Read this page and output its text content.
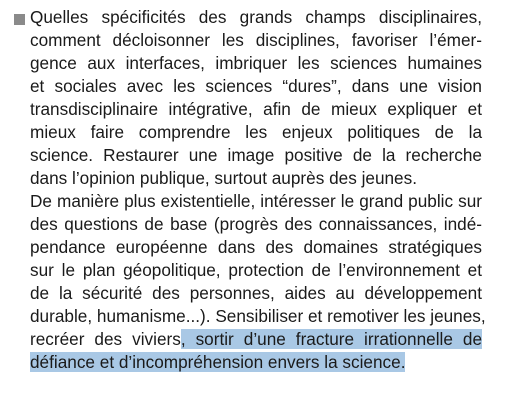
Quelles spécificités des grands champs disciplinaires,
comment décloisonner les disciplines, favoriser l’émer-
gence aux interfaces, imbriquer les sciences humaines
et sociales avec les sciences “dures”, dans une vision
transdisciplinaire intégrative, afin de mieux expliquer et
mieux faire comprendre les enjeux politiques de la
science. Restaurer une image positive de la recherche
dans l’opinion publique, surtout auprès des jeunes.

De manière plus existentielle, intéresser le grand public sur
des questions de base (progrès des connaissances, indé-
pendance européenne dans des domaines stratégiques
sur le plan géopolitique, protection de l’environnement et
de la sécurité des personnes, aides au développement
durable, humanisme...). Sensibiliser et remotiver les jeunes,
recréer des viviers, sortir d’une fracture irrationnelle de
défiance et d’incompréhension envers la science.
